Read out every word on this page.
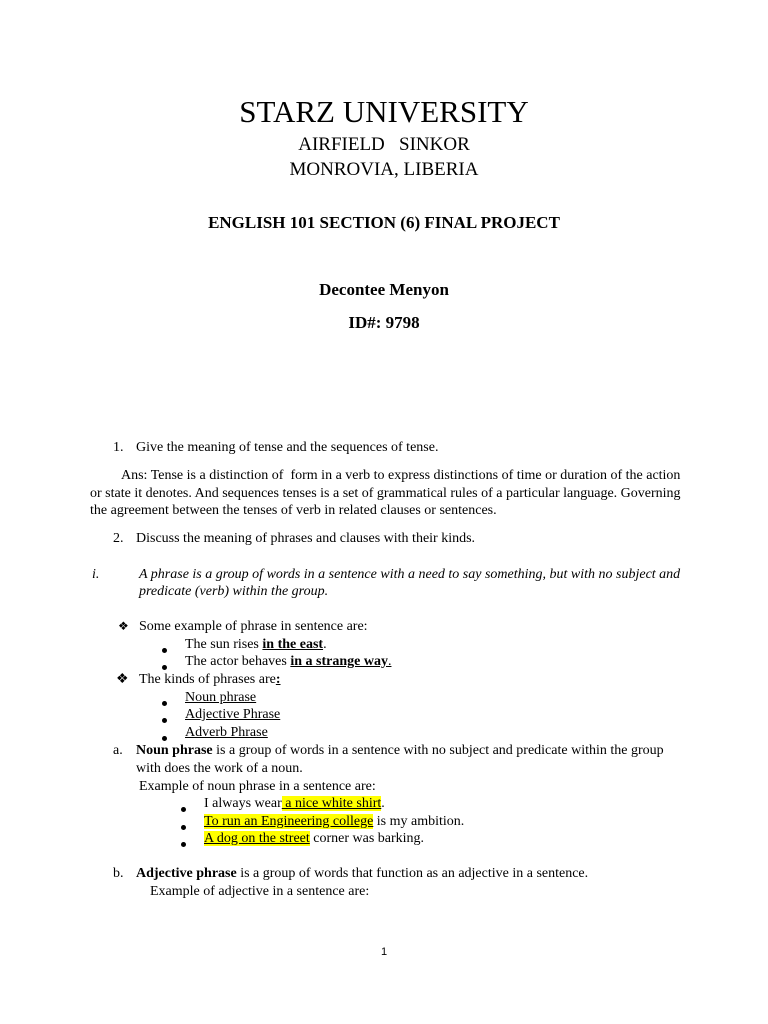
STARZ UNIVERSITY
AIRFIELD   SINKOR
MONROVIA, LIBERIA
ENGLISH 101 SECTION (6) FINAL PROJECT
Decontee Menyon
ID#: 9798
1. Give the meaning of tense and the sequences of tense.
Ans: Tense is a distinction of  form in a verb to express distinctions of time or duration of the action
or state it denotes. And sequences tenses is a set of grammatical rules of a particular language. Governing
the agreement between the tenses of verb in related clauses or sentences.
2. Discuss the meaning of phrases and clauses with their kinds.
i.	A phrase is a group of words in a sentence with a need to say something, but with no subject and
predicate (verb) within the group.
❖ Some example of phrase in sentence are:
The sun rises in the east.
The actor behaves in a strange way.
❖ The kinds of phrases are:
Noun phrase
Adjective Phrase
Adverb Phrase
a. Noun phrase is a group of words in a sentence with no subject and predicate within the group
with does the work of a noun.
Example of noun phrase in a sentence are:
I always wear a nice white shirt.
To run an Engineering college is my ambition.
A dog on the street corner was barking.
b. Adjective phrase is a group of words that function as an adjective in a sentence.
Example of adjective in a sentence are:
1
